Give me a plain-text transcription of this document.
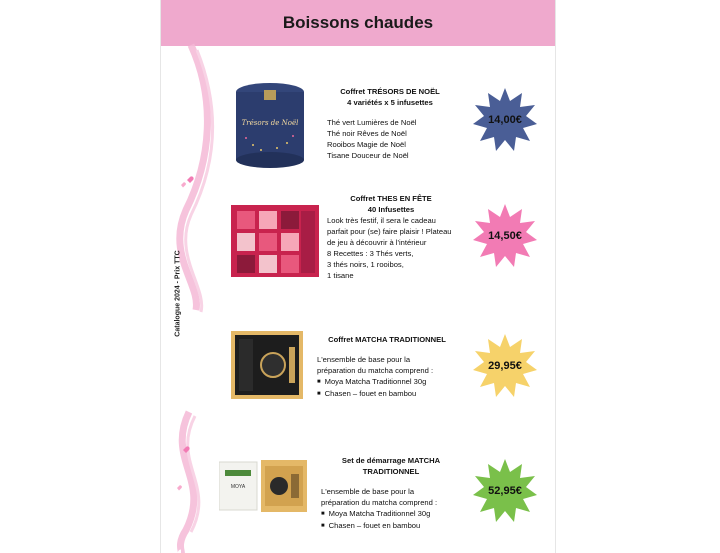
Boissons chaudes
Catalogue 2024 - Prix TTC
Trésors de Noël
Coffret TRÉSORS DE NOËL
4 variétés x 5 infusettes
Thé vert Lumières de Noël
Thé noir Rêves de Noël
Rooibos Magie de Noël
Tisane Douceur de Noël
14,00€
Coffret THES EN FÊTE
40 Infusettes
Look très festif, il sera le cadeau
parfait pour (se) faire plaisir ! Plateau
de jeu à découvrir à l'intérieur
8 Recettes : 3 Thés verts,
3 thés noirs, 1 rooibos,
1 tisane
14,50€
Coffret MATCHA TRADITIONNEL
L'ensemble de base pour la
préparation du matcha comprend :
■ Moya Matcha Traditionnel 30g
■ Chasen – fouet en bambou
29,95€
MOYA
Set de démarrage MATCHA
TRADITIONNEL
L'ensemble de base pour la
préparation du matcha comprend :
■ Moya Matcha Traditionnel 30g
■ Chasen – fouet en bambou
52,95€
